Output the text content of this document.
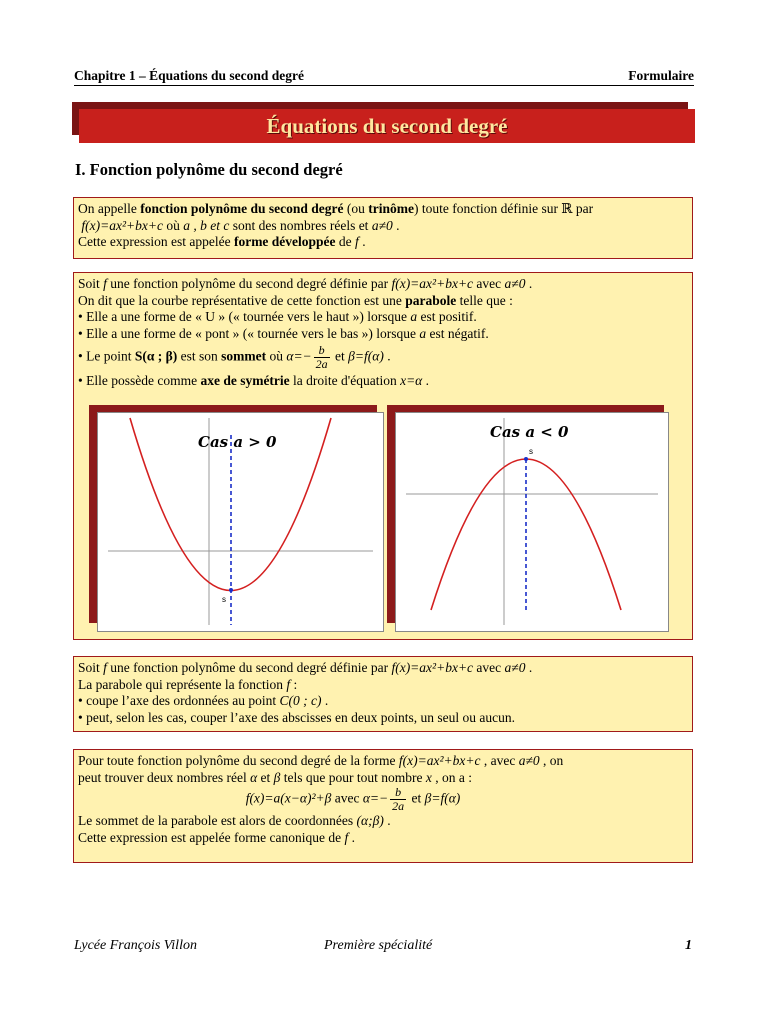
Chapitre 1 – Équations du second degré	Formulaire
Équations du second degré
I. Fonction polynôme du second degré

On appelle fonction polynôme du second degré (ou trinôme) toute fonction définie sur ℝ par

f(x)=ax²+bx+c où a , b et c sont des nombres réels et a≠0 .

Cette expression est appelée forme développée de f .

Soit f une fonction polynôme du second degré définie par f(x)=ax²+bx+c avec a≠0 .

On dit que la courbe représentative de cette fonction est une parabole telle que :

• Elle a une forme de « U » (« tournée vers le haut ») lorsque a est positif.

• Elle a une forme de « pont » (« tournée vers le bas ») lorsque a est négatif.

• Le point S(α ; β) est son sommet où $\alpha=- \frac{b}{2a}$ et β=f(α) .

• Elle possède comme axe de symétrie la droite d'équation x=α .

s
Cas a > 0
s
Cas a < 0

Soit f une fonction polynôme du second degré définie par f(x)=ax²+bx+c avec a≠0 .

La parabole qui représente la fonction f :

• coupe l’axe des ordonnées au point C(0 ; c) .

• peut, selon les cas, couper l’axe des abscisses en deux points, un seul ou aucun.

Pour toute fonction polynôme du second degré de la forme f(x)=ax²+bx+c , avec a≠0 , on

peut trouver deux nombres réel α et β tels que pour tout nombre x , on a :

f(x)=a(x−α)²+β avec $\alpha=- \frac{b}{2a}$ et β=f(α)

Le sommet de la parabole est alors de coordonnées (α;β) .

Cette expression est appelée forme canonique de f .

Lycée François Villon	Première spécialité	1
